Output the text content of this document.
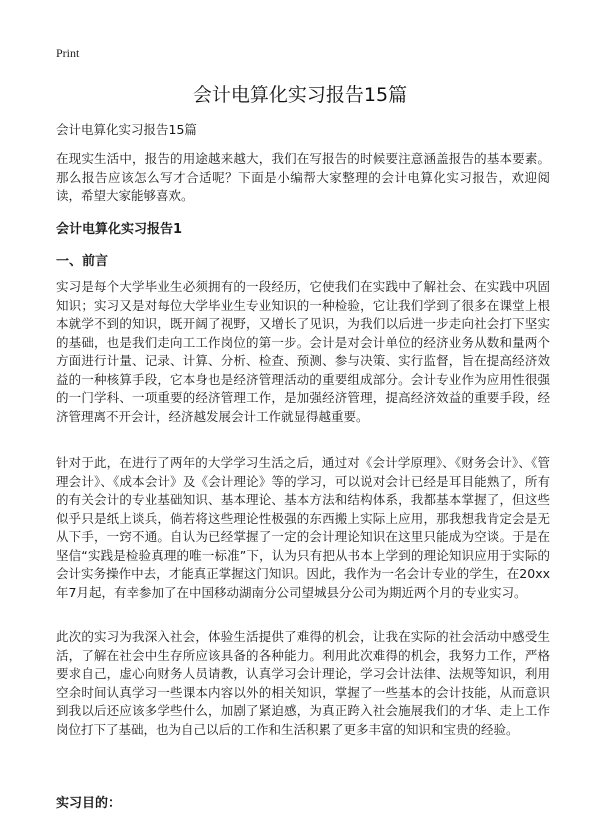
Print
会计电算化实习报告15篇

会计电算化实习报告15篇

在现实生活中，报告的用途越来越大，我们在写报告的时候要注意涵盖报告的基本要素。那么报告应该怎么写才合适呢？下面是小编帮大家整理的会计电算化实习报告，欢迎阅读，希望大家能够喜欢。

会计电算化实习报告1
一、前言

实习是每个大学毕业生必须拥有的一段经历，它使我们在实践中了解社会、在实践中巩固知识；实习又是对每位大学毕业生专业知识的一种检验，它让我们学到了很多在课堂上根本就学不到的知识，既开阔了视野，又增长了见识，为我们以后进一步走向社会打下坚实的基础，也是我们走向工工作岗位的第一步。会计是对会计单位的经济业务从数和量两个方面进行计量、记录、计算、分析、检查、预测、参与决策、实行监督，旨在提高经济效益的一种核算手段，它本身也是经济管理活动的重要组成部分。会计专业作为应用性很强的一门学科、一项重要的经济管理工作，是加强经济管理，提高经济效益的重要手段，经济管理离不开会计，经济越发展会计工作就显得越重要。

针对于此，在进行了两年的大学学习生活之后，通过对《会计学原理》、《财务会计》、《管理会计》、《成本会计》及《会计理论》等的学习，可以说对会计已经是耳目能熟了，所有的有关会计的专业基础知识、基本理论、基本方法和结构体系，我都基本掌握了，但这些似乎只是纸上谈兵，倘若将这些理论性极强的东西搬上实际上应用，那我想我肯定会是无从下手，一窍不通。自认为已经掌握了一定的会计理论知识在这里只能成为空谈。于是在坚信“实践是检验真理的唯一标准”下，认为只有把从书本上学到的理论知识应用于实际的会计实务操作中去，才能真正掌握这门知识。因此，我作为一名会计专业的学生，在20xx年7月起，有幸参加了在中国移动湖南分公司望城县分公司为期近两个月的专业实习。

此次的实习为我深入社会，体验生活提供了难得的机会，让我在实际的社会活动中感受生活，了解在社会中生存所应该具备的各种能力。利用此次难得的机会，我努力工作，严格要求自己，虚心向财务人员请教，认真学习会计理论，学习会计法律、法规等知识，利用空余时间认真学习一些课本内容以外的相关知识，掌握了一些基本的会计技能，从而意识到我以后还应该多学些什么，加剧了紧迫感，为真正跨入社会施展我们的才华、走上工作岗位打下了基础，也为自己以后的工作和生活积累了更多丰富的知识和宝贵的经验。

实习目的：
